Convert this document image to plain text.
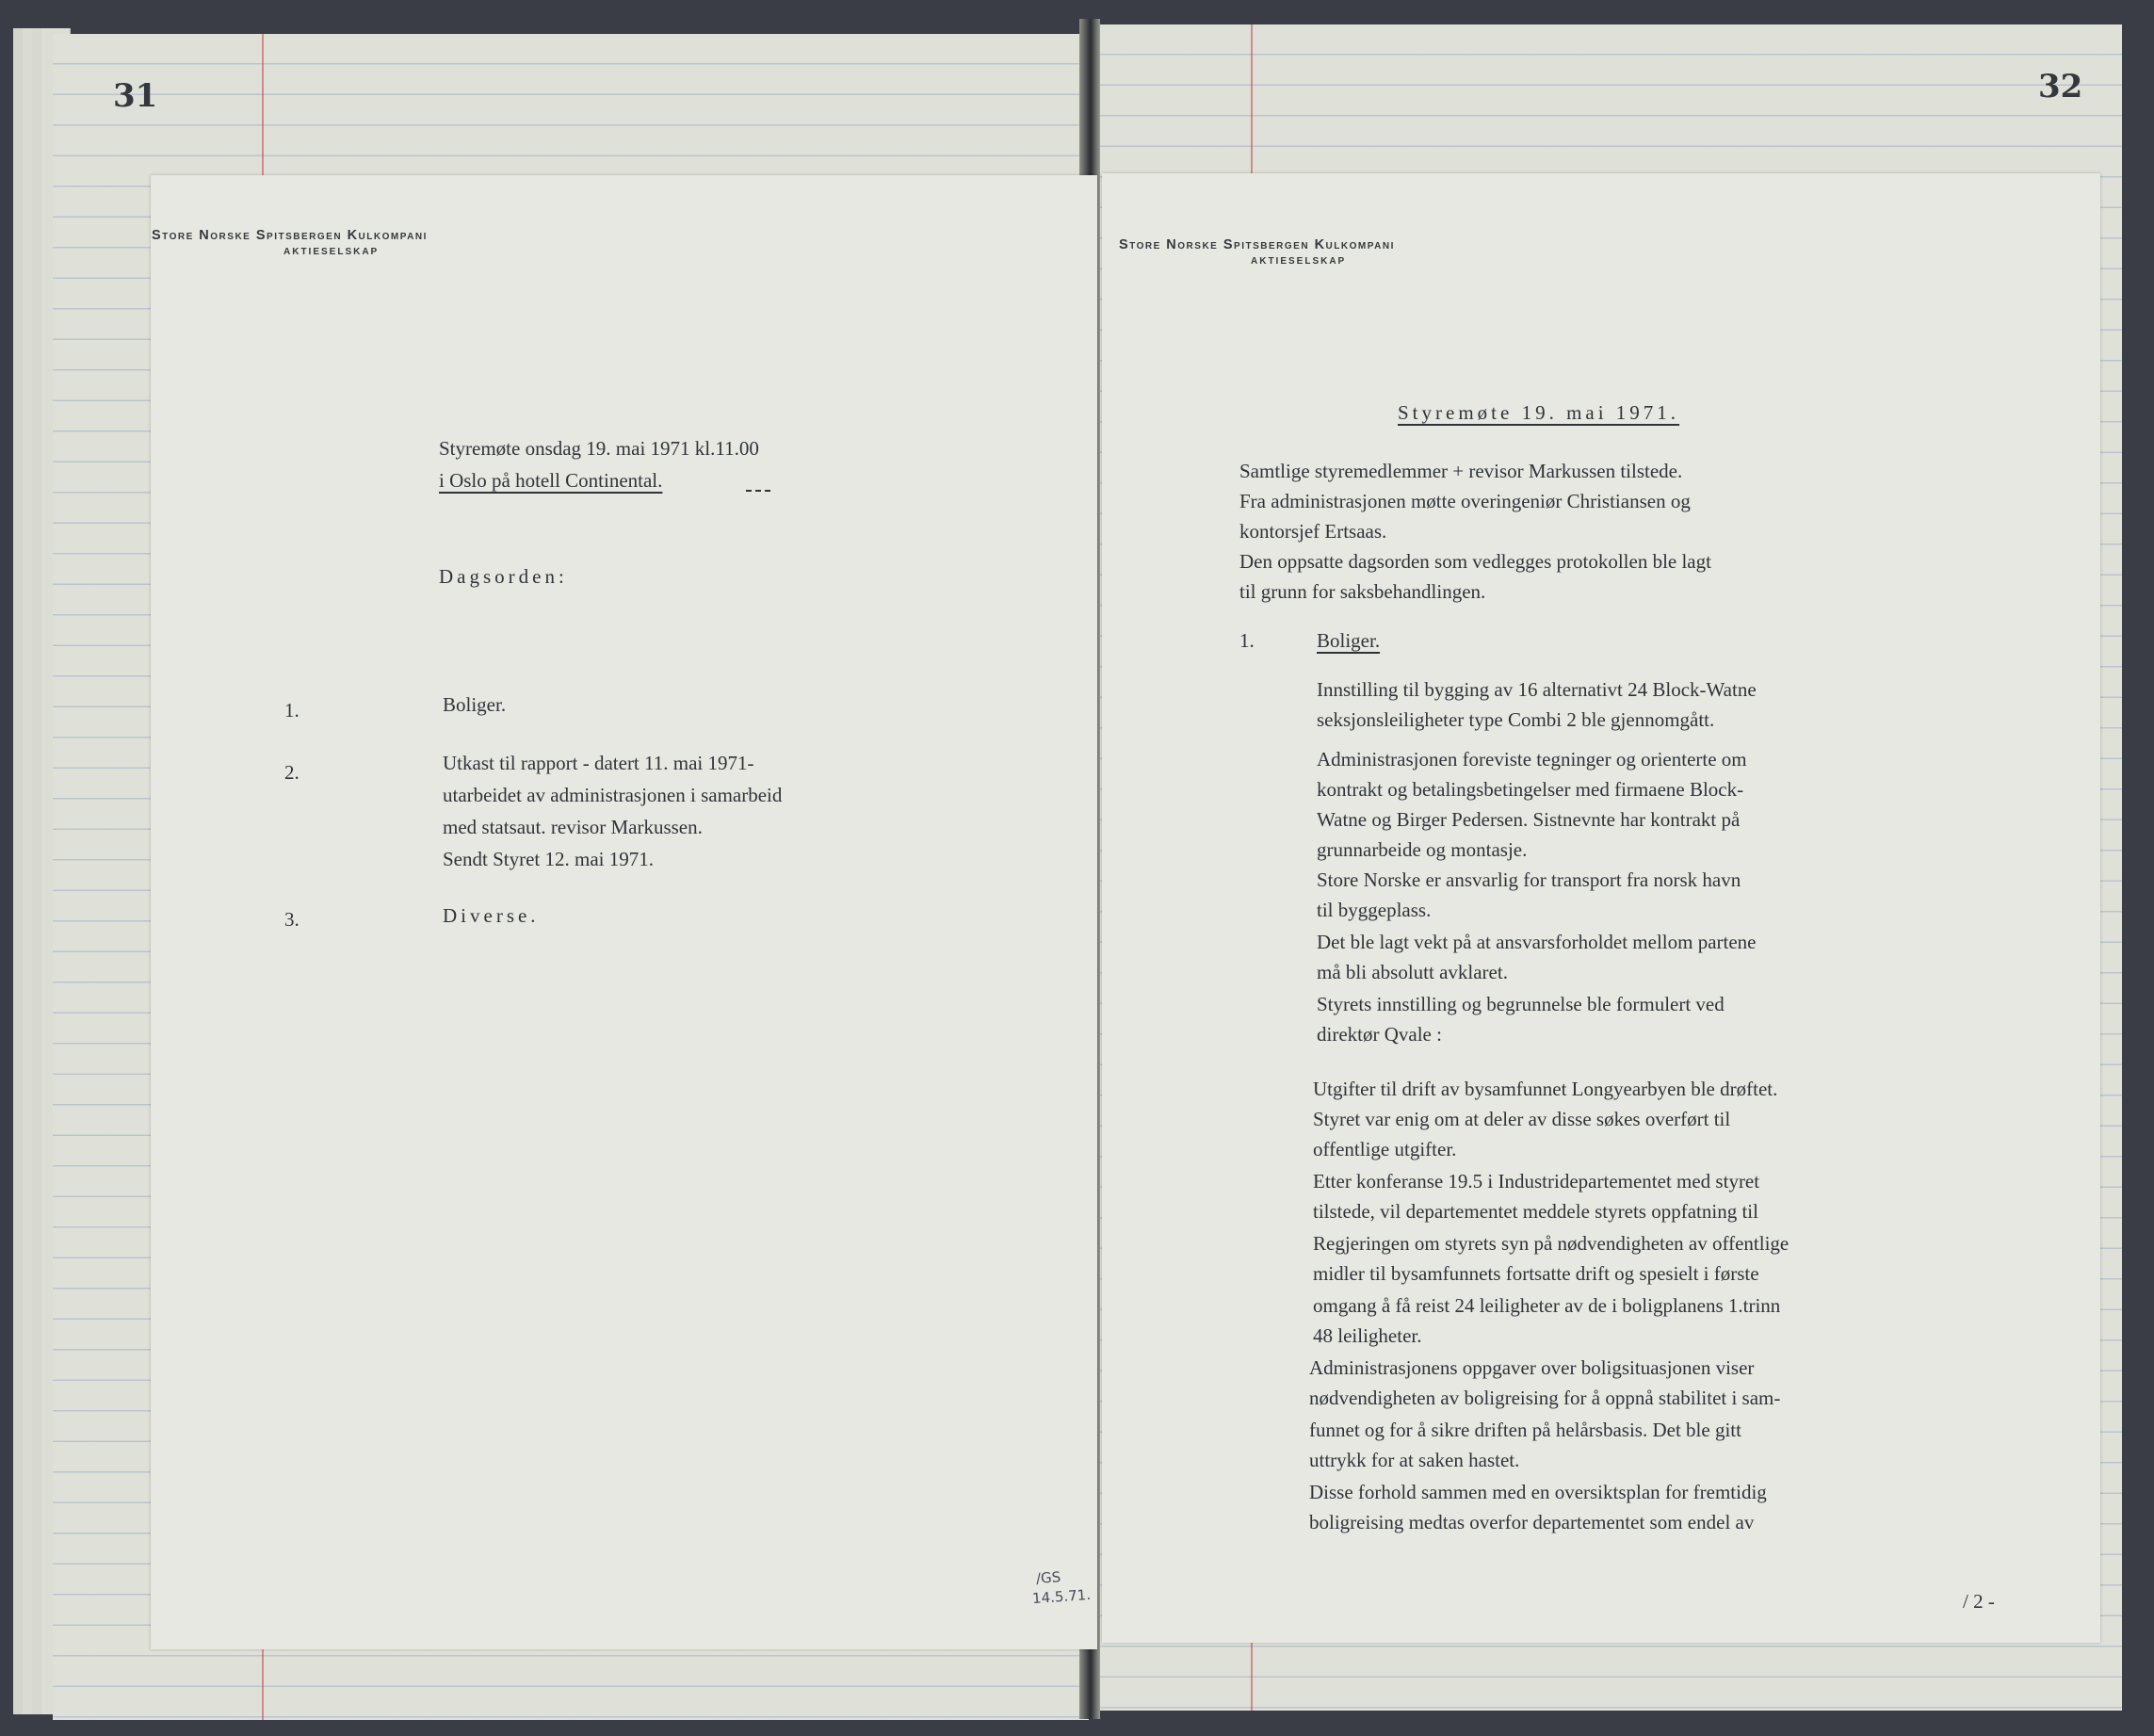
31	32
Store Norske Spitsbergen Kulkompani
AKTIESELSKAP
Styremøte onsdag 19. mai 1971 kl.11.00
i Oslo på hotell Continental.
Dagsorden:
1.	Boliger.
2.	Utkast til rapport - datert 11. mai 1971-
utarbeidet av administrasjonen i samarbeid
med statsaut. revisor Markussen.
Sendt Styret 12. mai 1971.
3.	Diverse.
/GS
14.5.71.
Store Norske Spitsbergen Kulkompani
AKTIESELSKAP
Styremøte 19. mai 1971.
Samtlige styremedlemmer + revisor Markussen tilstede.
Fra administrasjonen møtte overingeniør Christiansen og
kontorsjef Ertsaas.
Den oppsatte dagsorden som vedlegges protokollen ble lagt
til grunn for saksbehandlingen.
1.	Boliger.
Innstilling til bygging av 16 alternativt 24 Block-Watne
seksjonsleiligheter type Combi 2 ble gjennomgått.
Administrasjonen foreviste tegninger og orienterte om
kontrakt og betalingsbetingelser med firmaene Block-
Watne og Birger Pedersen. Sistnevnte har kontrakt på
grunnarbeide og montasje.
Store Norske er ansvarlig for transport fra norsk havn
til byggeplass.
Det ble lagt vekt på at ansvarsforholdet mellom partene
må bli absolutt avklaret.
Styrets innstilling og begrunnelse ble formulert ved
direktør Qvale :
Utgifter til drift av bysamfunnet Longyearbyen ble drøftet.
Styret var enig om at deler av disse søkes overført til
offentlige utgifter.
Etter konferanse 19.5 i Industridepartementet med styret
tilstede, vil departementet meddele styrets oppfatning til
Regjeringen om styrets syn på nødvendigheten av offentlige
midler til bysamfunnets fortsatte drift og spesielt i første
omgang å få reist 24 leiligheter av de i boligplanens 1.trinn
48 leiligheter.
Administrasjonens oppgaver over boligsituasjonen viser
nødvendigheten av boligreising for å oppnå stabilitet i sam-
funnet og for å sikre driften på helårsbasis. Det ble gitt
uttrykk for at saken hastet.
Disse forhold sammen med en oversiktsplan for fremtidig
boligreising medtas overfor departementet som endel av
/ 2 -
